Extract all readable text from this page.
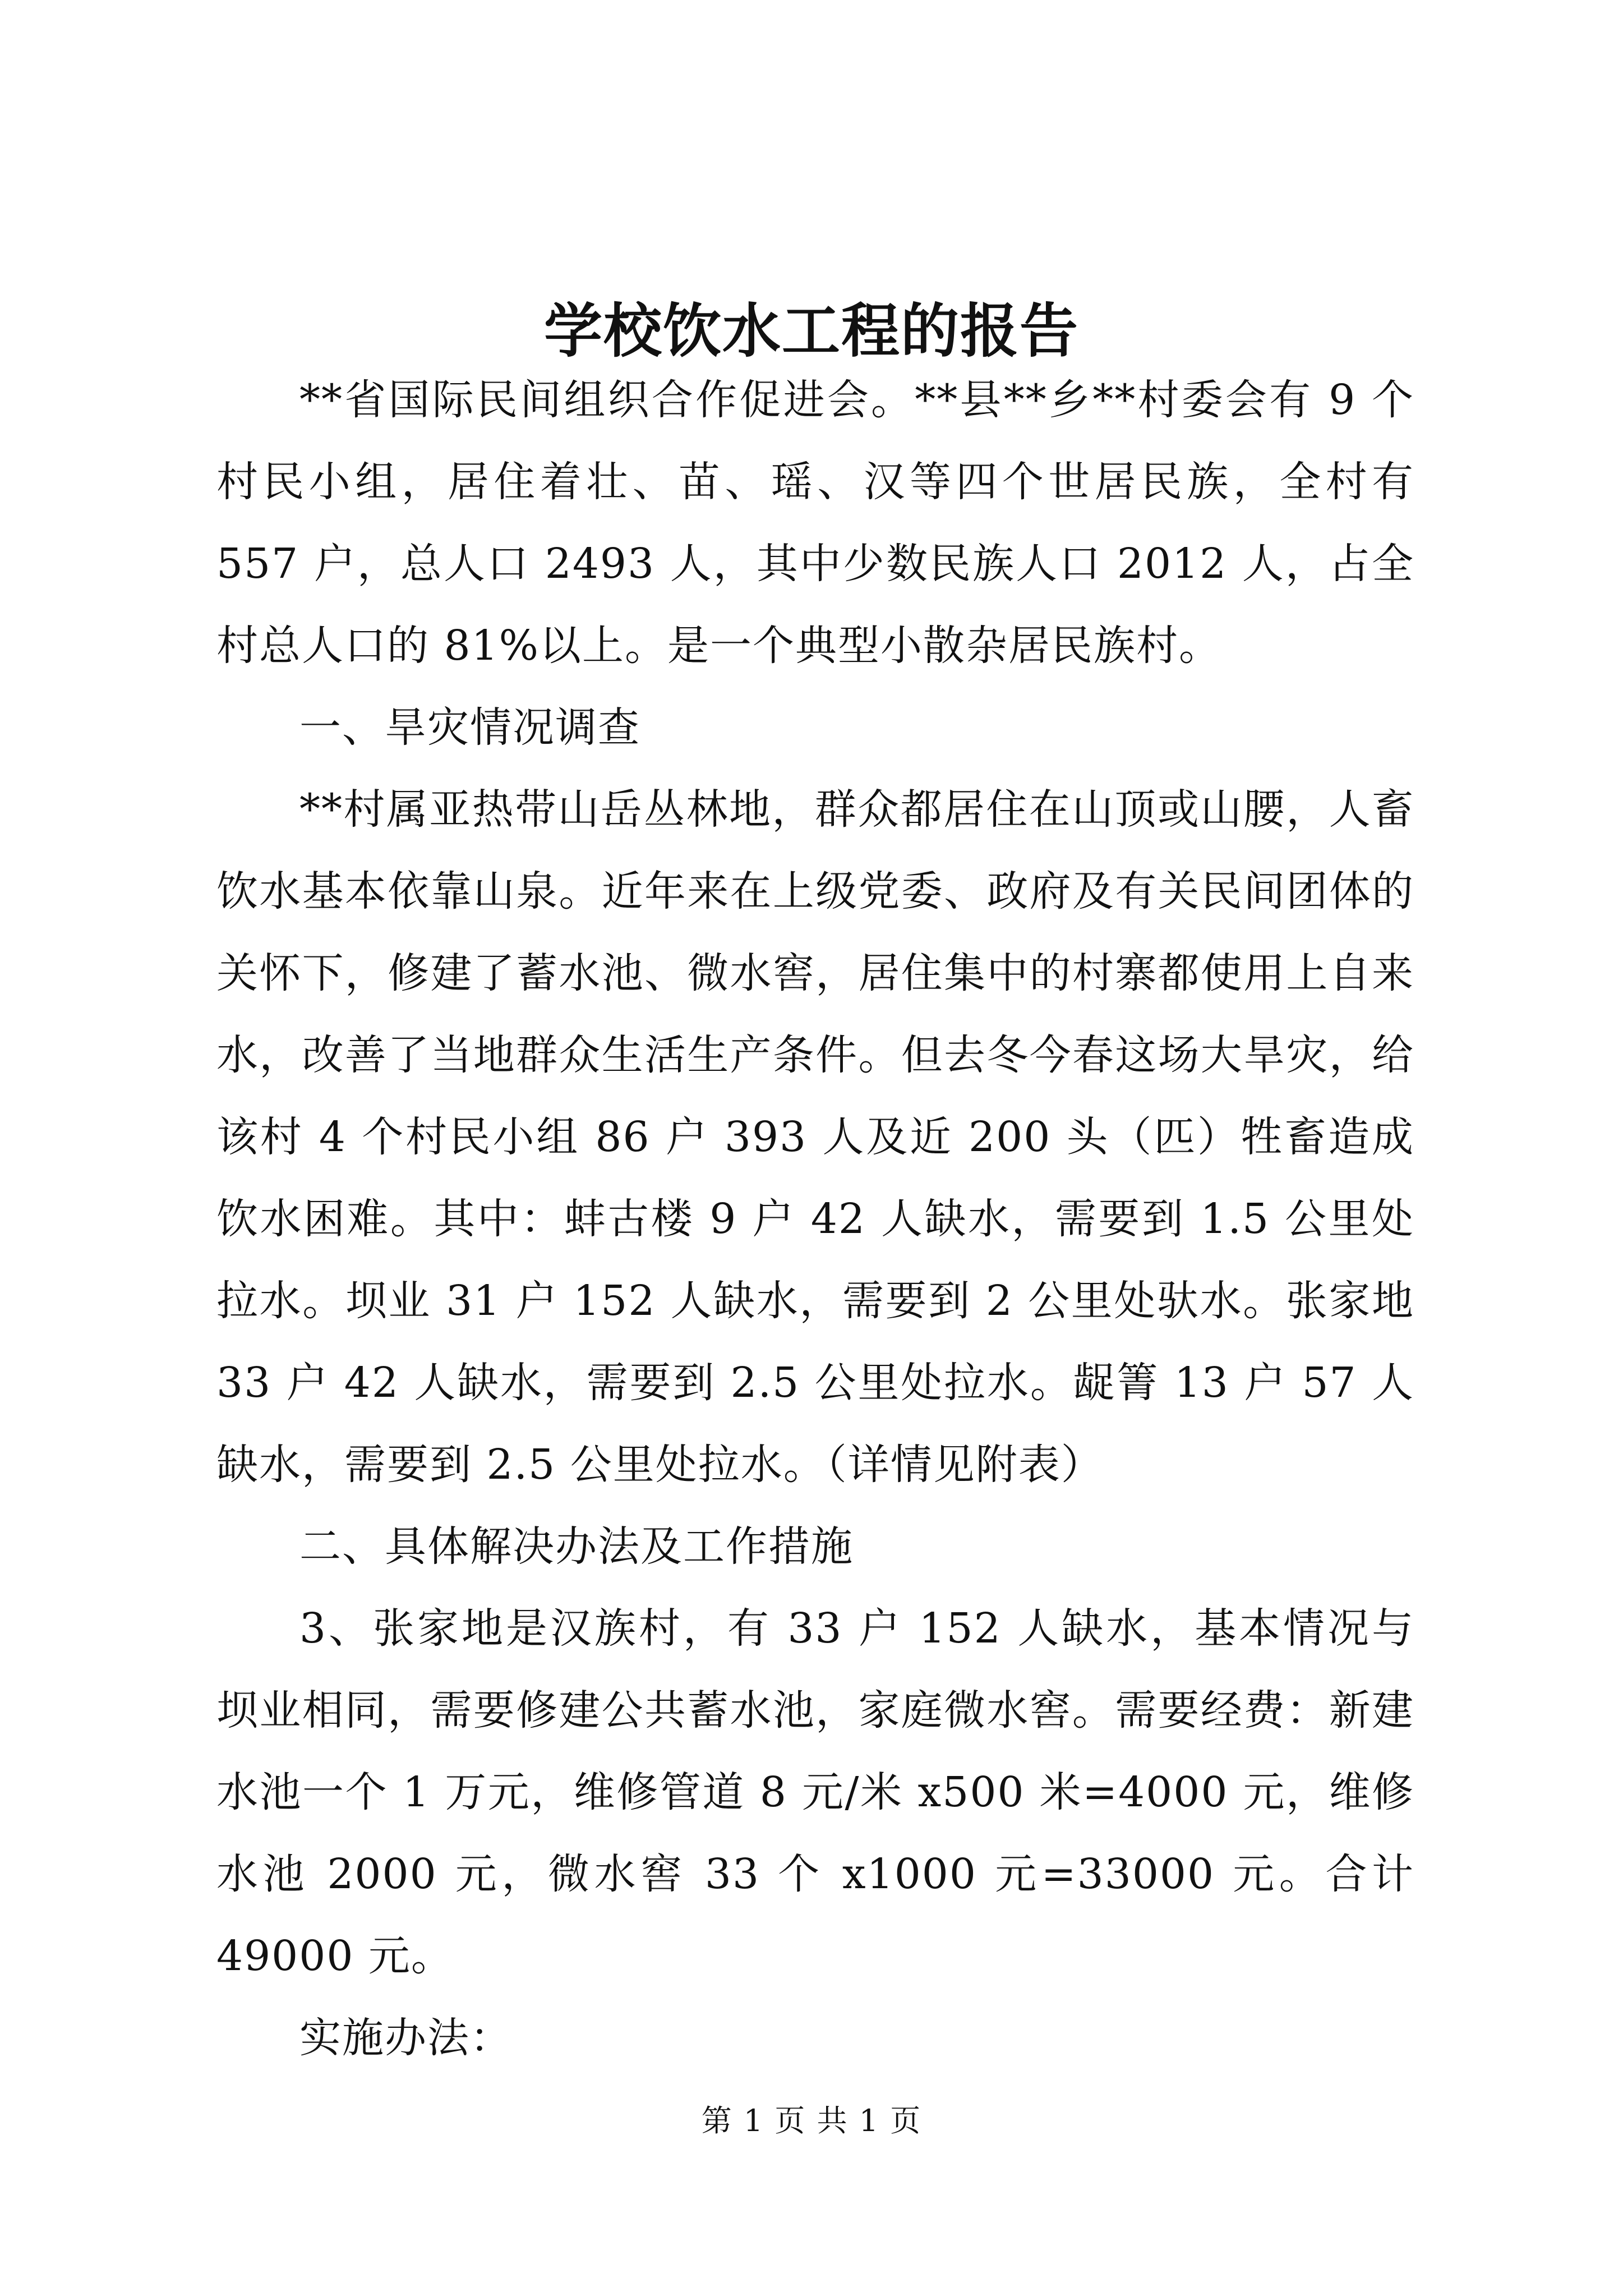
学校饮水工程的报告

**省国际民间组织合作促进会。**县**乡**村委会有 9 个村民小组，居住着壮、苗、瑶、汉等四个世居民族，全村有 557 户，总人口 2493 人，其中少数民族人口 2012 人，占全村总人口的 81%以上。是一个典型小散杂居民族村。

一、旱灾情况调查

**村属亚热带山岳丛林地，群众都居住在山顶或山腰，人畜饮水基本依靠山泉。近年来在上级党委、政府及有关民间团体的关怀下，修建了蓄水池、微水窖，居住集中的村寨都使用上自来水，改善了当地群众生活生产条件。但去冬今春这场大旱灾，给该村 4 个村民小组 86 户 393 人及近 200 头（匹）牲畜造成饮水困难。其中：蚌古楼 9 户 42 人缺水，需要到 1.5 公里处拉水。坝业 31 户 152 人缺水，需要到 2 公里处驮水。张家地 33 户 42 人缺水，需要到 2.5 公里处拉水。龊箐 13 户 57 人缺水，需要到 2.5 公里处拉水。（详情见附表）

二、具体解决办法及工作措施

3、张家地是汉族村，有 33 户 152 人缺水，基本情况与坝业相同，需要修建公共蓄水池，家庭微水窖。需要经费：新建水池一个 1 万元，维修管道 8 元/米 x500 米=4000 元，维修水池 2000 元，微水窖 33 个 x1000 元=33000 元。合计 49000 元。

实施办法：

第 1 页 共 1 页
